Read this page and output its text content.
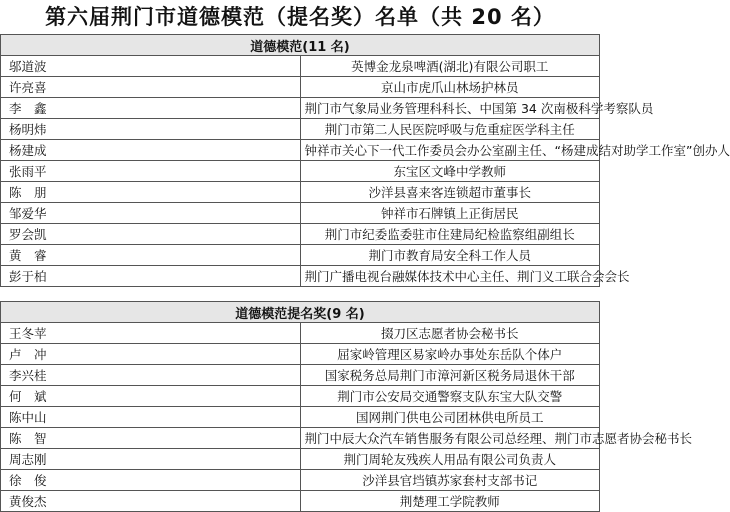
第六届荆门市道德模范（提名奖）名单（共 20 名）
道德模范(11 名)	
邬道波	英博金龙泉啤酒(湖北)有限公司职工
许亮喜	京山市虎爪山林场护林员
李　鑫	荆门市气象局业务管理科科长、中国第 34 次南极科学考察队员
杨明炜	荆门市第二人民医院呼吸与危重症医学科主任
杨建成	钟祥市关心下一代工作委员会办公室副主任、“杨建成结对助学工作室”创办人
张雨平	东宝区文峰中学教师
陈　朋	沙洋县喜来客连锁超市董事长
邹爱华	钟祥市石牌镇上正街居民
罗会凯	荆门市纪委监委驻市住建局纪检监察组副组长
黄　睿	荆门市教育局安全科工作人员
彭于柏	荆门广播电视台融媒体技术中心主任、荆门义工联合会会长
道德模范提名奖(9 名)	
王冬苹	掇刀区志愿者协会秘书长
卢　冲	屈家岭管理区易家岭办事处东岳队个体户
李兴桂	国家税务总局荆门市漳河新区税务局退休干部
何　斌	荆门市公安局交通警察支队东宝大队交警
陈中山	国网荆门供电公司团林供电所员工
陈　智	荆门中辰大众汽车销售服务有限公司总经理、荆门市志愿者协会秘书长
周志刚	荆门周轮友残疾人用品有限公司负责人
徐　俊	沙洋县官垱镇苏家套村支部书记
黄俊杰	荆楚理工学院教师
